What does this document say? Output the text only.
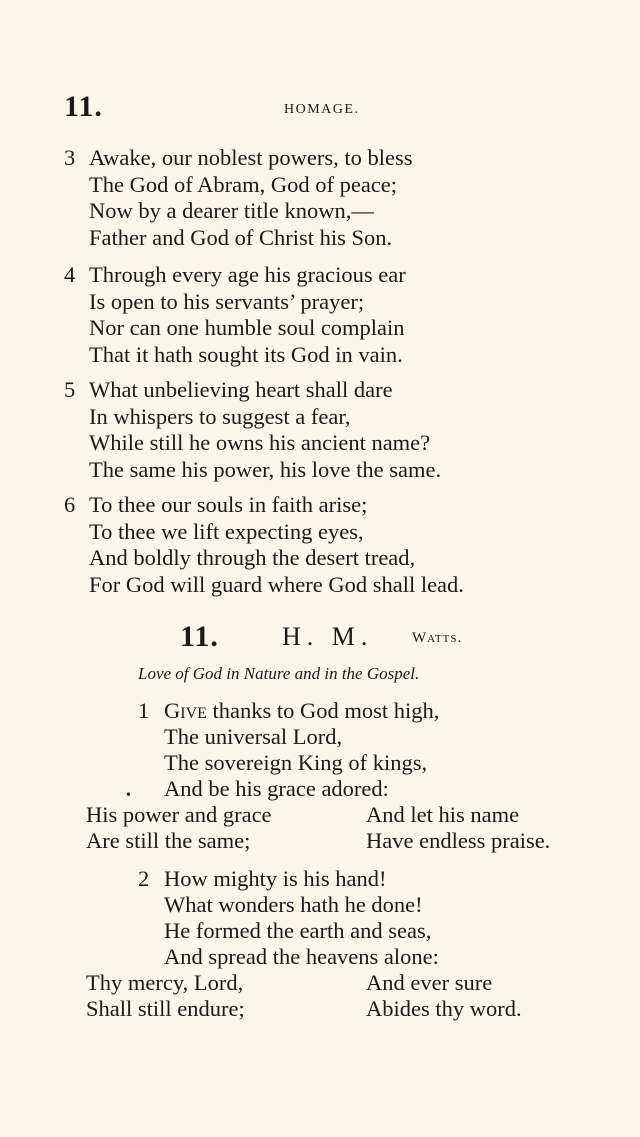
11.	HOMAGE.
3 Awake, our noblest powers, to bless
The God of Abram, God of peace;
Now by a dearer title known,—
Father and God of Christ his Son.
4 Through every age his gracious ear
Is open to his servants’ prayer;
Nor can one humble soul complain
That it hath sought its God in vain.
5 What unbelieving heart shall dare
In whispers to suggest a fear,
While still he owns his ancient name?
The same his power, his love the same.
6 To thee our souls in faith arise;
To thee we lift expecting eyes,
And boldly through the desert tread,
For God will guard where God shall lead.
11. H. M.	Watts.
Love of God in Nature and in the Gospel.
1 Give thanks to God most high,
The universal Lord,
The sovereign King of kings,
And be his grace adored:
•
His power and grace	And let his name
Are still the same;	Have endless praise.
2 How mighty is his hand!
What wonders hath he done!
He formed the earth and seas,
And spread the heavens alone:
Thy mercy, Lord,	And ever sure
Shall still endure;	Abides thy word.
